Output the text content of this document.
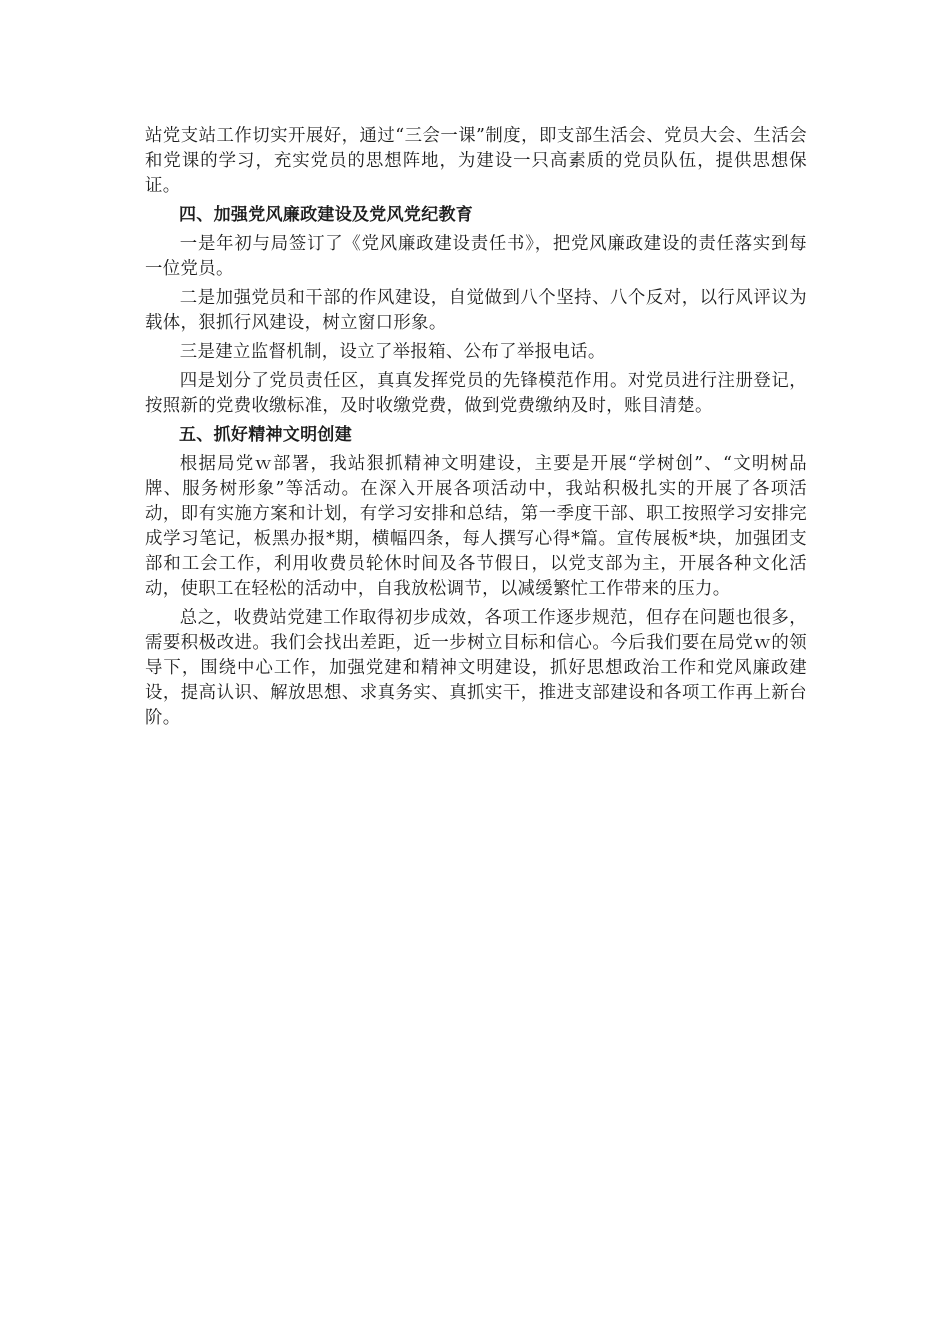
站党支站工作切实开展好，通过“三会一课”制度，即支部生活会、党员大会、生活会和党课的学习，充实党员的思想阵地，为建设一只高素质的党员队伍，提供思想保证。

四、加强党风廉政建设及党风党纪教育

一是年初与局签订了《党风廉政建设责任书》，把党风廉政建设的责任落实到每一位党员。

二是加强党员和干部的作风建设，自觉做到八个坚持、八个反对，以行风评议为载体，狠抓行风建设，树立窗口形象。

三是建立监督机制，设立了举报箱、公布了举报电话。

四是划分了党员责任区，真真发挥党员的先锋模范作用。对党员进行注册登记，按照新的党费收缴标准，及时收缴党费，做到党费缴纳及时，账目清楚。

五、抓好精神文明创建

根据局党ｗ部署，我站狠抓精神文明建设，主要是开展“学树创”、“文明树品牌、服务树形象”等活动。在深入开展各项活动中，我站积极扎实的开展了各项活动，即有实施方案和计划，有学习安排和总结，第一季度干部、职工按照学习安排完成学习笔记，板黑办报*期，横幅四条，每人撰写心得*篇。宣传展板*块，加强团支部和工会工作，利用收费员轮休时间及各节假日，以党支部为主，开展各种文化活动，使职工在轻松的活动中，自我放松调节，以减缓繁忙工作带来的压力。

总之，收费站党建工作取得初步成效，各项工作逐步规范，但存在问题也很多，需要积极改进。我们会找出差距，近一步树立目标和信心。今后我们要在局党ｗ的领导下，围绕中心工作，加强党建和精神文明建设，抓好思想政治工作和党风廉政建设，提高认识、解放思想、求真务实、真抓实干，推进支部建设和各项工作再上新台阶。
